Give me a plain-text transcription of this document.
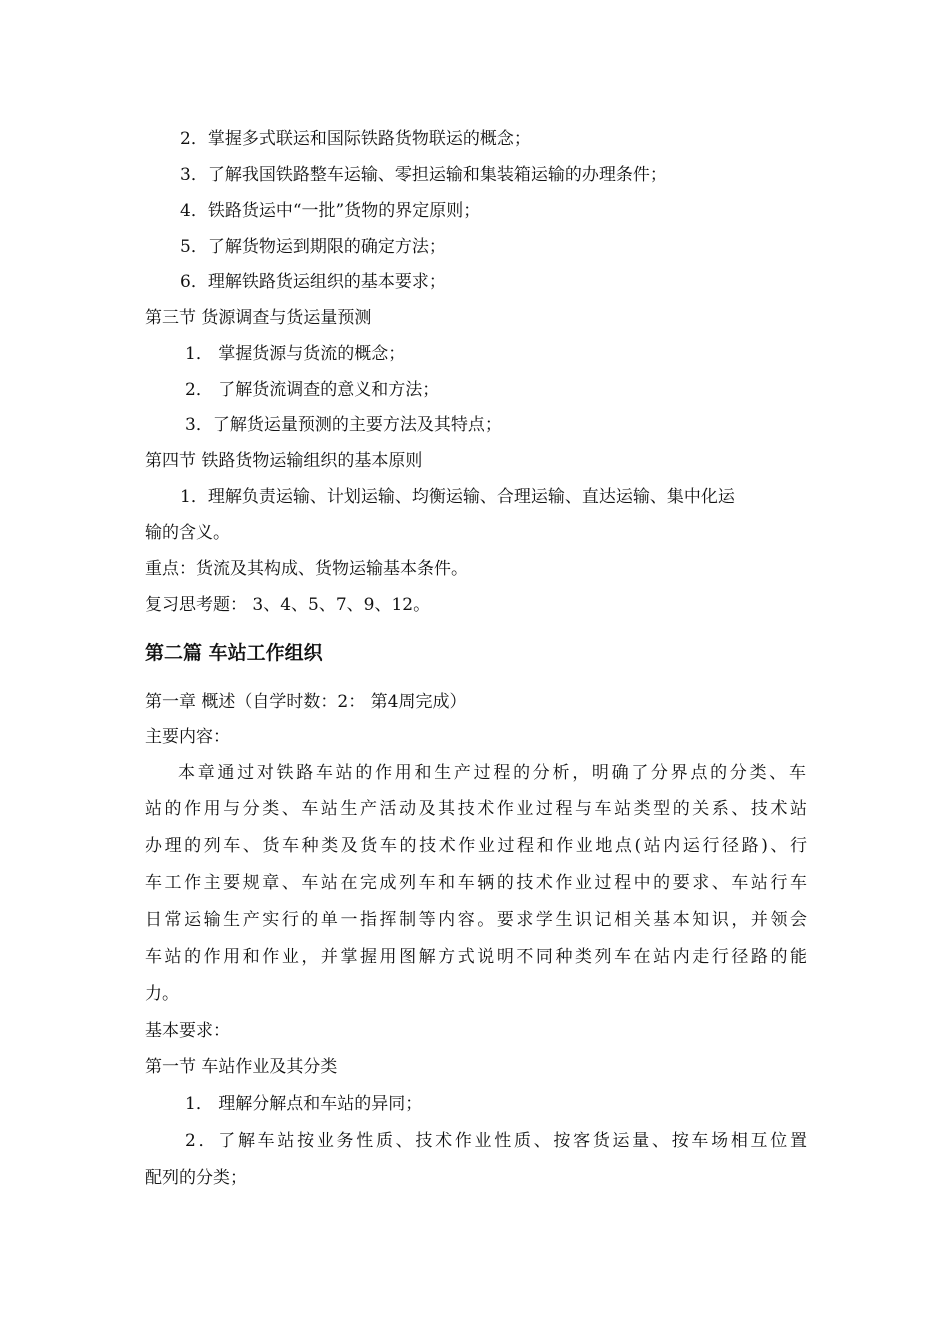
2．掌握多式联运和国际铁路货物联运的概念；
3．了解我国铁路整车运输、零担运输和集装箱运输的办理条件；
4．铁路货运中“一批”货物的界定原则；
5．了解货物运到期限的确定方法；
6．理解铁路货运组织的基本要求；
第三节 货源调查与货运量预测
1． 掌握货源与货流的概念；
2． 了解货流调查的意义和方法；
3．了解货运量预测的主要方法及其特点；
第四节 铁路货物运输组织的基本原则
1．理解负责运输、计划运输、均衡运输、合理运输、直达运输、集中化运
输的含义。
重点：货流及其构成、货物运输基本条件。
复习思考题： 3、4、5、7、9、12。
第二篇 车站工作组织
第一章 概述（自学时数：2： 第4周完成）
主要内容：
本章通过对铁路车站的作用和生产过程的分析，明确了分界点的分类、车
站的作用与分类、车站生产活动及其技术作业过程与车站类型的关系、技术站
办理的列车、货车种类及货车的技术作业过程和作业地点(站内运行径路)、行
车工作主要规章、车站在完成列车和车辆的技术作业过程中的要求、车站行车
日常运输生产实行的单一指挥制等内容。要求学生识记相关基本知识，并领会
车站的作用和作业，并掌握用图解方式说明不同种类列车在站内走行径路的能
力。
基本要求：
第一节 车站作业及其分类
1． 理解分解点和车站的异同；
2．了解车站按业务性质、技术作业性质、按客货运量、按车场相互位置
配列的分类；
